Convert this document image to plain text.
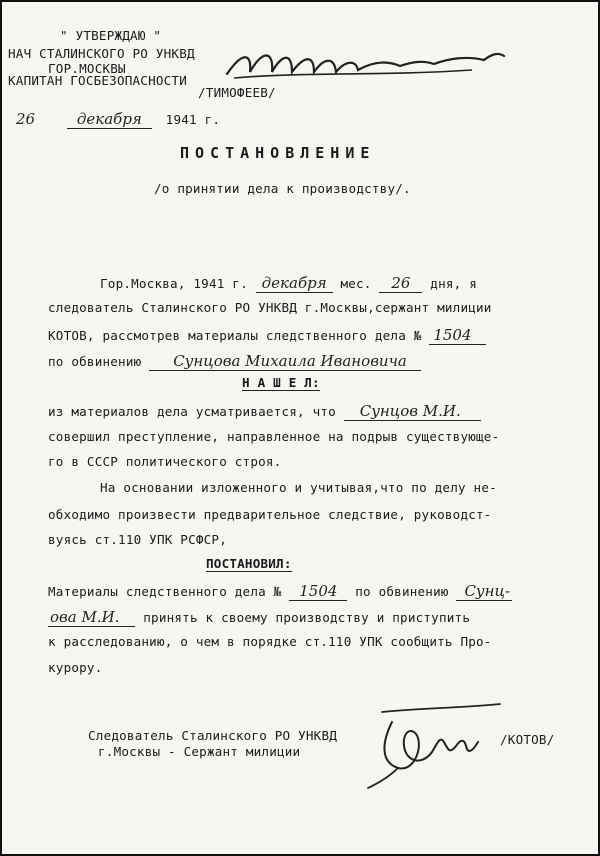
" УТВЕРЖДАЮ "
НАЧ СТАЛИНСКОГО РО УНКВД
ГОР.МОСКВЫ
КАПИТАН ГОСБЕЗОПАСНОСТИ
/ТИМОФЕЕВ/
26	декабря 1941 г.
ПОСТАНОВЛЕНИЕ
/о принятии дела к производству/.
Гор.Москва, 1941 г. декабря мес. 26 дня, я
следователь Сталинского РО УНКВД г.Москвы,сержант милиции
КОТОВ, рассмотрев материалы следственного дела № 1504
по обвинению Сунцова Михаила Ивановича
Н А Ш Е Л:
из материалов дела усматривается, что Сунцов М.И.
совершил преступление, направленное на подрыв существующе-
го в СССР политического строя.
На основании изложенного и учитывая,что по делу не-
обходимо произвести предварительное следствие, руководст-
вуясь ст.110 УПК РСФСР,
ПОСТАНОВИЛ:
Материалы следственного дела № 1504 по обвинению Сунц-
ова М.И. принять к своему производству и приступить
к расследованию, о чем в порядке ст.110 УПК сообщить Про-
курору.
Следователь Сталинского РО УНКВД
г.Москвы - Сержант милиции
/КОТОВ/
